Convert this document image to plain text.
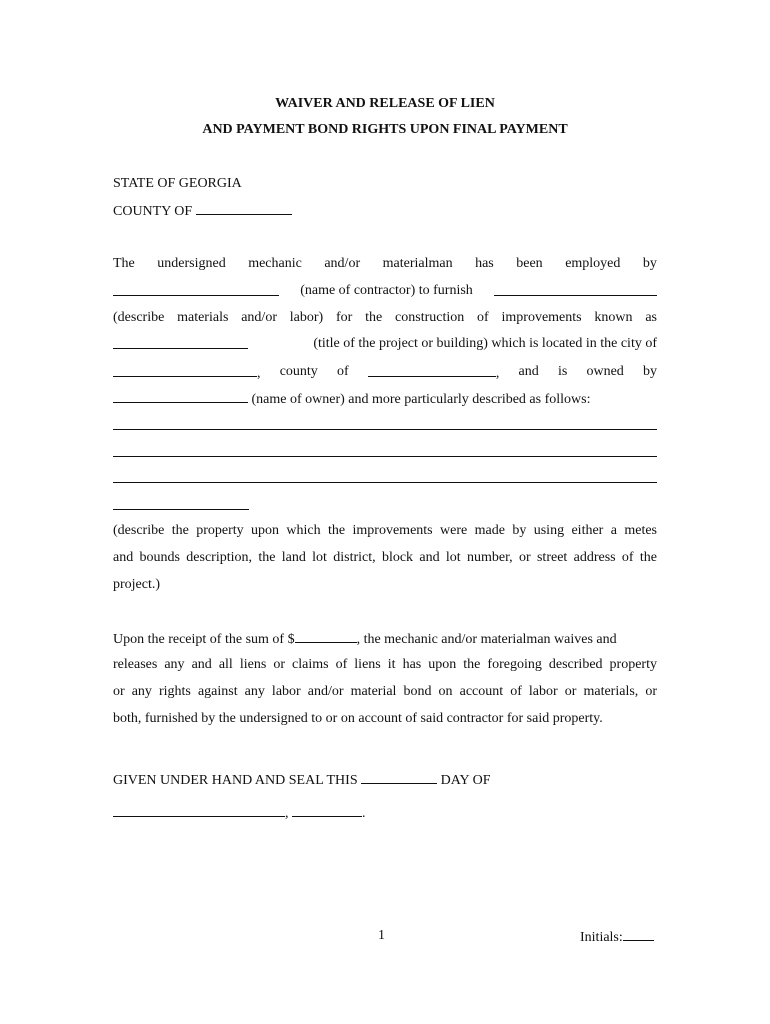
WAIVER AND RELEASE OF LIEN
AND PAYMENT BOND RIGHTS UPON FINAL PAYMENT
STATE OF GEORGIA
COUNTY OF
The undersigned mechanic and/or materialman has been employed by
(name of contractor) to furnish
(describe materials and/or labor) for the construction of improvements known as
(title of the project or building) which is located in the city of
, county of	, and is owned by
(name of owner) and more particularly described as follows:
(describe the property upon which the improvements were made by using either a metes
and bounds description, the land lot district, block and lot number, or street address of the
project.)
Upon the receipt of the sum of $	, the mechanic and/or materialman waives and
releases any and all liens or claims of liens it has upon the foregoing described property
or any rights against any labor and/or material bond on account of labor or materials, or
both, furnished by the undersigned to or on account of said contractor for said property.
GIVEN UNDER HAND AND SEAL THIS	DAY OF
,	.
1	Initials:
